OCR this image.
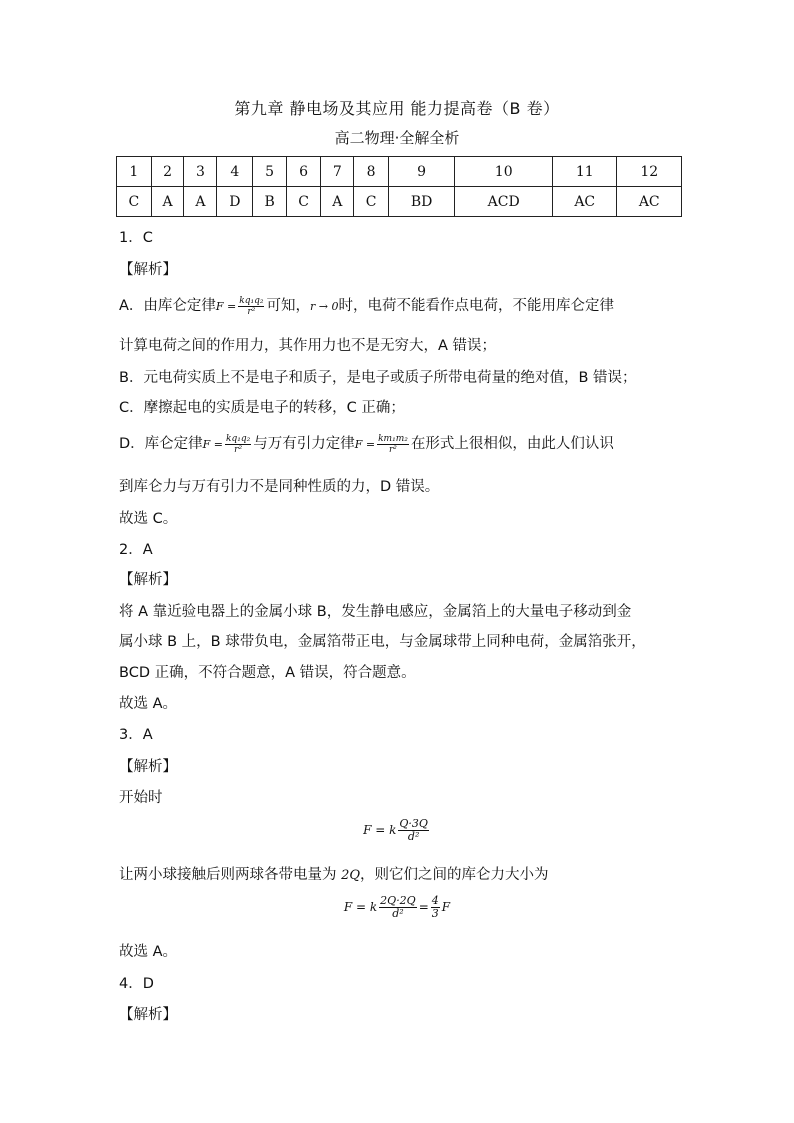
第九章 静电场及其应用 能力提高卷（B 卷）
高二物理·全解全析
1	2	3	4	5	6	7	8	9	10	11	12
C	A	A	D	B	C	A	C	BD	ACD	AC	AC
1．C
【解析】
A．由库仑定律$F = \frac{\text{kq₁q₂}}{\text{r²}}$ 可知，r → 0时，电荷不能看作点电荷，不能用库仑定律
计算电荷之间的作用力，其作用力也不是无穷大，A 错误；
B．元电荷实质上不是电子和质子，是电子或质子所带电荷量的绝对值，B 错误；
C．摩擦起电的实质是电子的转移，C 正确；
D．库仑定律$F = \frac{\text{kq₁q₂}}{\text{r²}}$ 与万有引力定律$F = \frac{\text{km₁m₂}}{\text{r²}}$ 在形式上很相似，由此人们认识
到库仑力与万有引力不是同种性质的力，D 错误。
故选 C。
2．A
【解析】
将 A 靠近验电器上的金属小球 B，发生静电感应，金属箔上的大量电子移动到金
属小球 B 上，B 球带负电，金属箔带正电，与金属球带上同种电荷，金属箔张开，
BCD 正确，不符合题意，A 错误，符合题意。
故选 A。
3．A
【解析】
开始时
F = k $\frac{Q\cdot 3Q}{\text{d²}}$
让两小球接触后则两球各带电量为 2Q，则它们之间的库仑力大小为
F = k $\frac{2Q\cdot 2Q}{\text{d²}} = \frac{4}{3}$ F
故选 A。
4．D
【解析】
